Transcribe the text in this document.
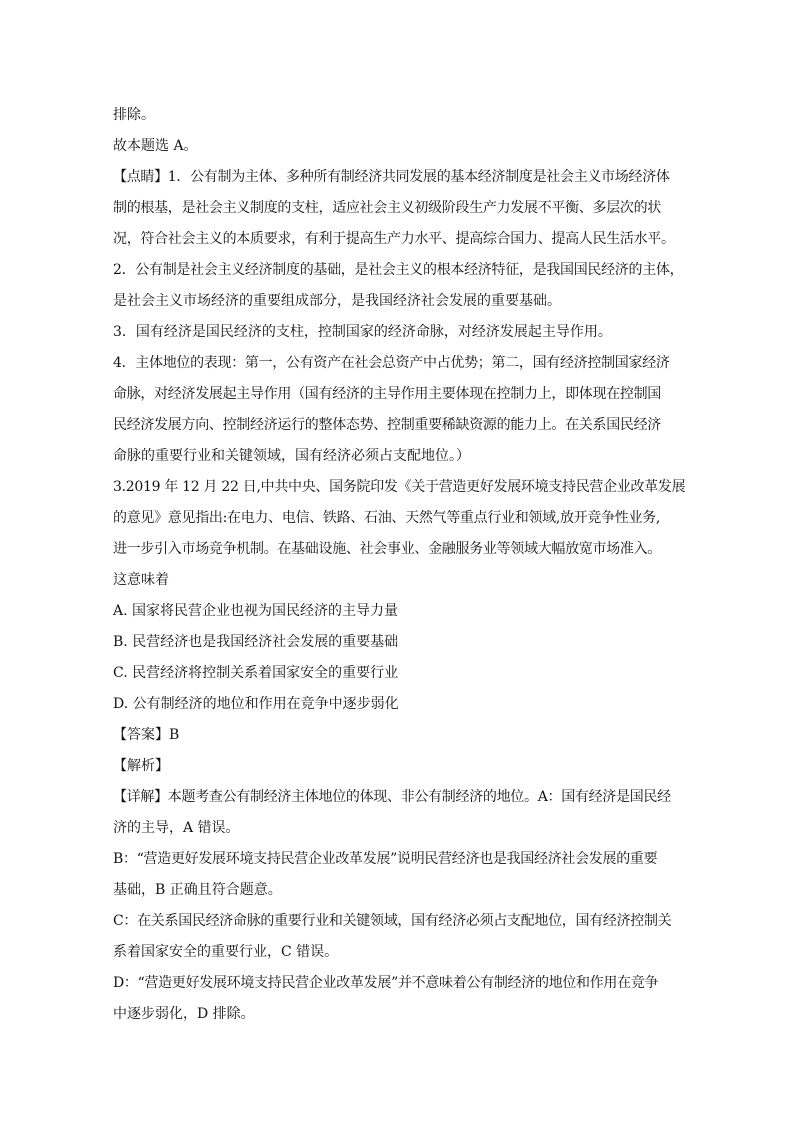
排除。
故本题选 A。
【点睛】1．公有制为主体、多种所有制经济共同发展的基本经济制度是社会主义市场经济体
制的根基，是社会主义制度的支柱，适应社会主义初级阶段生产力发展不平衡、多层次的状
况，符合社会主义的本质要求，有利于提高生产力水平、提高综合国力、提高人民生活水平。
2．公有制是社会主义经济制度的基础，是社会主义的根本经济特征，是我国国民经济的主体，
是社会主义市场经济的重要组成部分，是我国经济社会发展的重要基础。
3．国有经济是国民经济的支柱，控制国家的经济命脉，对经济发展起主导作用。
4．主体地位的表现：第一，公有资产在社会总资产中占优势；第二，国有经济控制国家经济
命脉，对经济发展起主导作用（国有经济的主导作用主要体现在控制力上，即体现在控制国
民经济发展方向、控制经济运行的整体态势、控制重要稀缺资源的能力上。在关系国民经济
命脉的重要行业和关键领域，国有经济必须占支配地位。）
3.2019 年 12 月 22 日,中共中央、国务院印发《关于营造更好发展环境支持民营企业改革发展
的意见》意见指出:在电力、电信、铁路、石油、天然气等重点行业和领域,放开竞争性业务,
进一步引入市场竞争机制。在基础设施、社会事业、金融服务业等领域大幅放宽市场准入。
这意味着
A. 国家将民营企业也视为国民经济的主导力量
B. 民营经济也是我国经济社会发展的重要基础
C. 民营经济将控制关系着国家安全的重要行业
D. 公有制经济的地位和作用在竞争中逐步弱化
【答案】B
【解析】
【详解】本题考查公有制经济主体地位的体现、非公有制经济的地位。A：国有经济是国民经
济的主导，A 错误。
B：“营造更好发展环境支持民营企业改革发展”说明民营经济也是我国经济社会发展的重要
基础，B 正确且符合题意。
C：在关系国民经济命脉的重要行业和关键领域，国有经济必须占支配地位，国有经济控制关
系着国家安全的重要行业，C 错误。
D：“营造更好发展环境支持民营企业改革发展”并不意味着公有制经济的地位和作用在竞争
中逐步弱化，D 排除。
